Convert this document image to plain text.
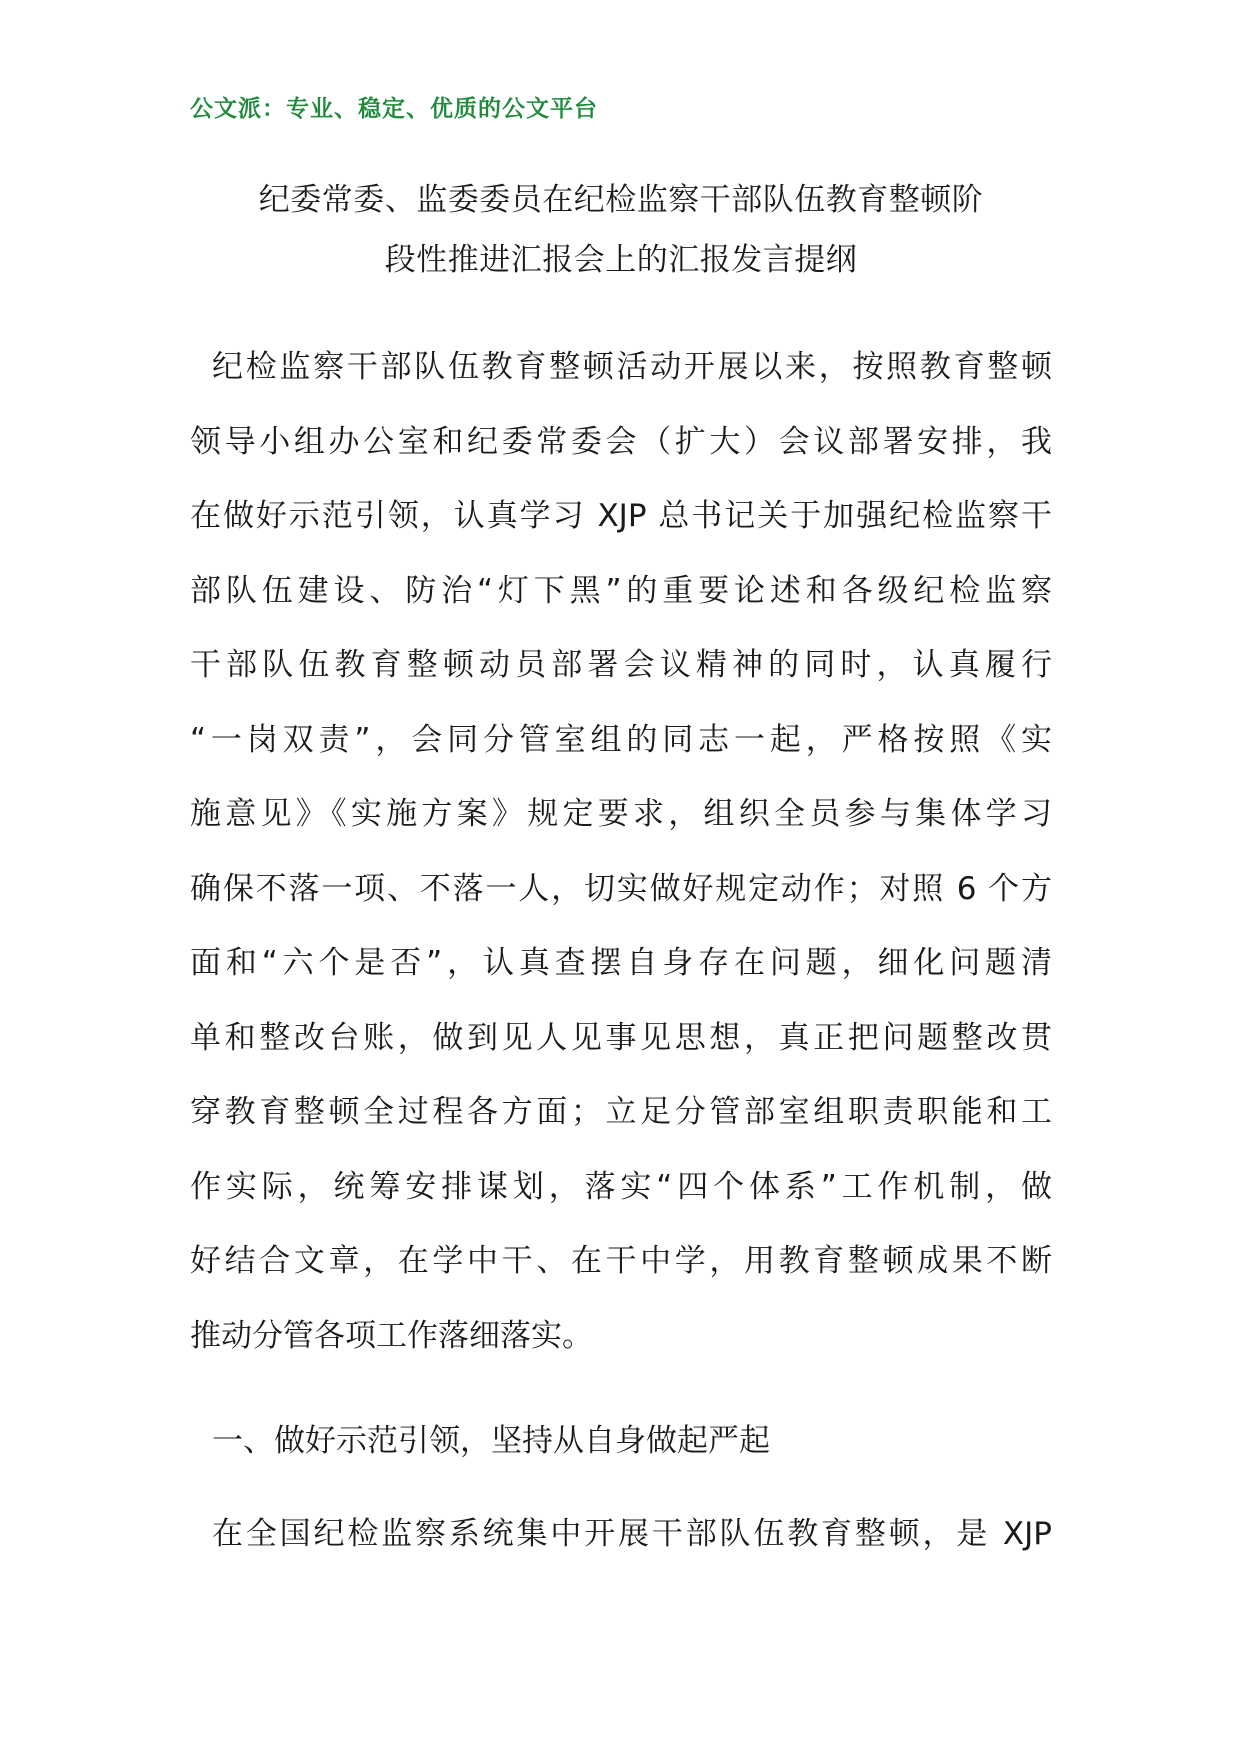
公文派：专业、稳定、优质的公文平台
纪委常委、监委委员在纪检监察干部队伍教育整顿阶
段性推进汇报会上的汇报发言提纲
纪检监察干部队伍教育整顿活动开展以来，按照教育整顿
领导小组办公室和纪委常委会（扩大）会议部署安排，我
在做好示范引领，认真学习 XJP 总书记关于加强纪检监察干
部队伍建设、防治“灯下黑”的重要论述和各级纪检监察
干部队伍教育整顿动员部署会议精神的同时，认真履行
“一岗双责”，会同分管室组的同志一起，严格按照《实
施意见》《实施方案》规定要求，组织全员参与集体学习
确保不落一项、不落一人，切实做好规定动作；对照 6 个方
面和“六个是否”，认真查摆自身存在问题，细化问题清
单和整改台账，做到见人见事见思想，真正把问题整改贯
穿教育整顿全过程各方面；立足分管部室组职责职能和工
作实际，统筹安排谋划，落实“四个体系”工作机制，做
好结合文章，在学中干、在干中学，用教育整顿成果不断
推动分管各项工作落细落实。
一、做好示范引领，坚持从自身做起严起
在全国纪检监察系统集中开展干部队伍教育整顿，是 XJP
